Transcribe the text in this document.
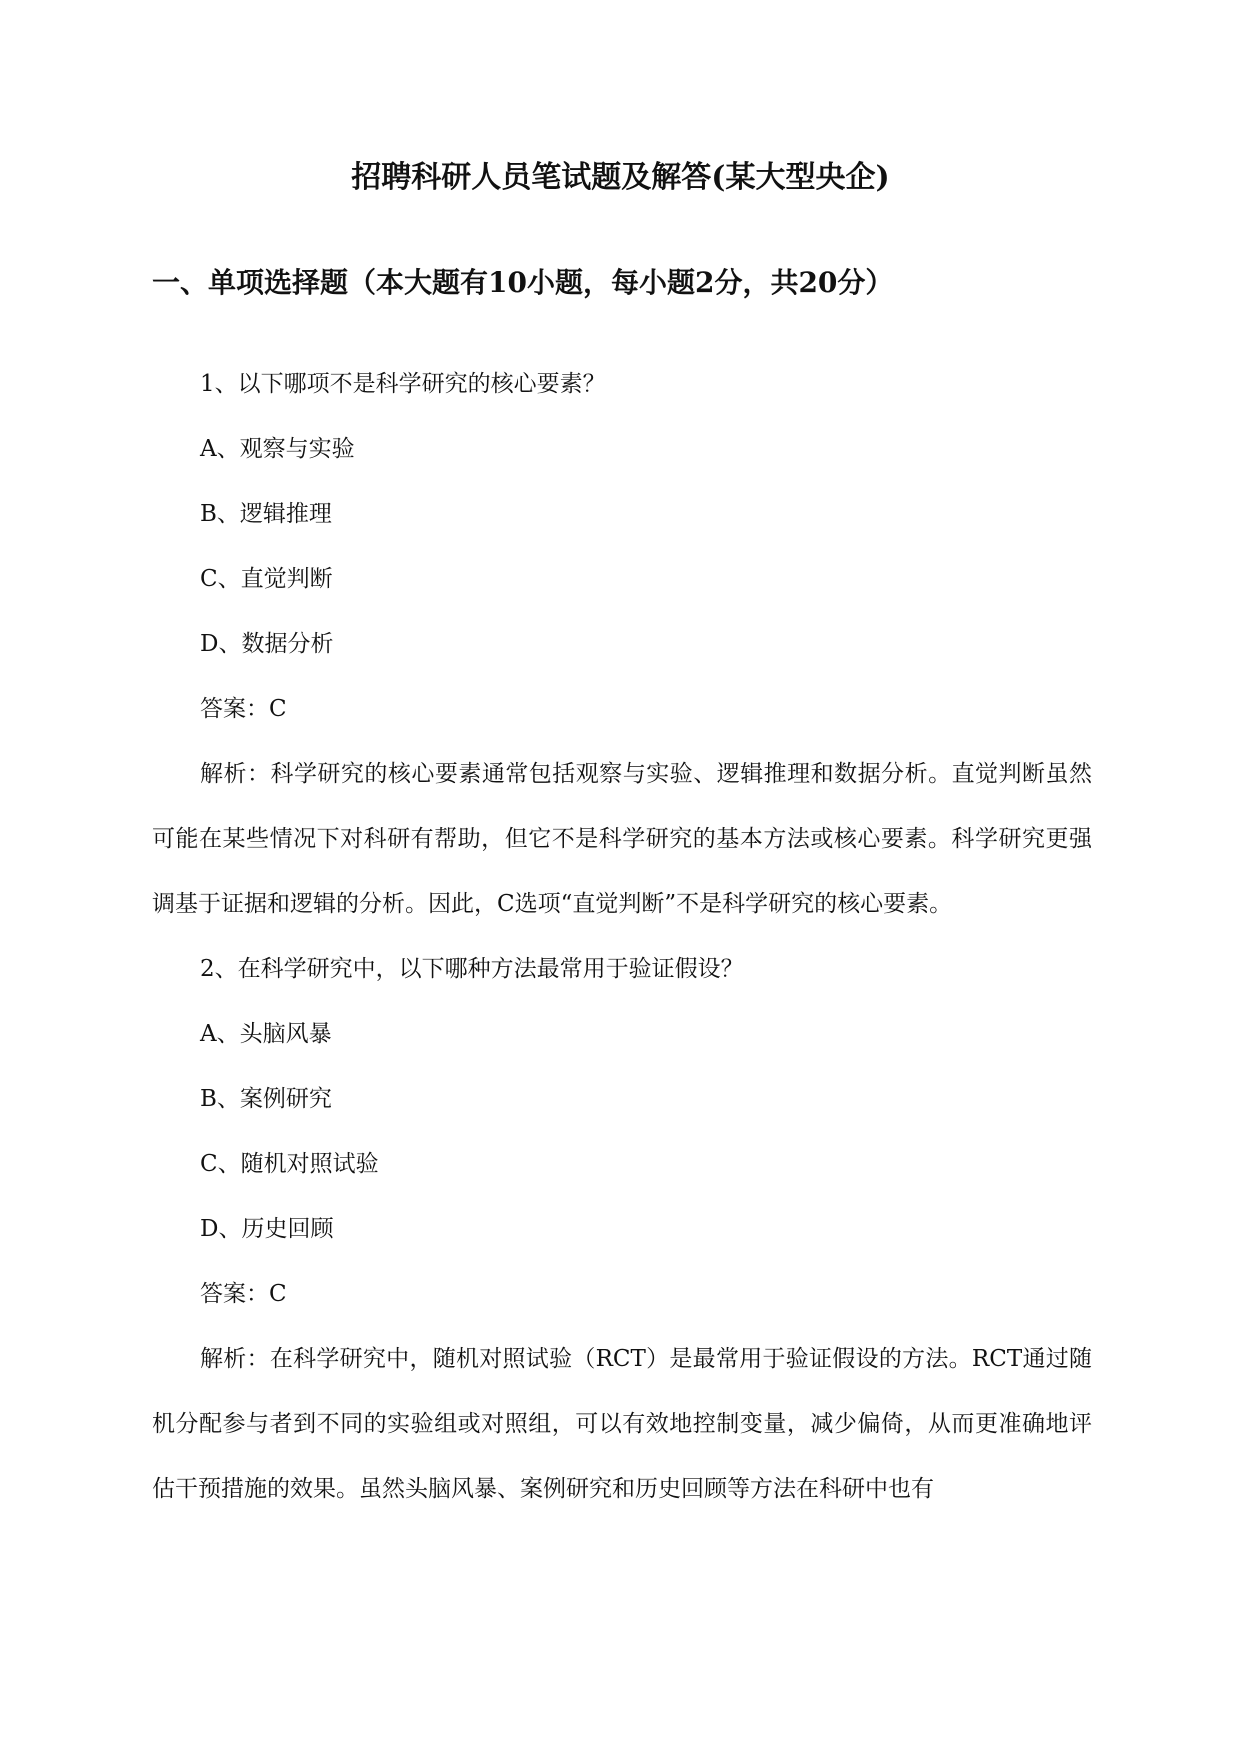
招聘科研人员笔试题及解答(某大型央企)
一、单项选择题（本大题有10小题，每小题2分，共20分）

1、以下哪项不是科学研究的核心要素？

A、观察与实验

B、逻辑推理

C、直觉判断

D、数据分析

答案：C

解析：科学研究的核心要素通常包括观察与实验、逻辑推理和数据分析。直觉判断虽然可能在某些情况下对科研有帮助，但它不是科学研究的基本方法或核心要素。科学研究更强调基于证据和逻辑的分析。因此，C选项“直觉判断”不是科学研究的核心要素。

2、在科学研究中，以下哪种方法最常用于验证假设？

A、头脑风暴

B、案例研究

C、随机对照试验

D、历史回顾

答案：C

解析：在科学研究中，随机对照试验（RCT）是最常用于验证假设的方法。RCT通过随机分配参与者到不同的实验组或对照组，可以有效地控制变量，减少偏倚，从而更准确地评估干预措施的效果。虽然头脑风暴、案例研究和历史回顾等方法在科研中也有
